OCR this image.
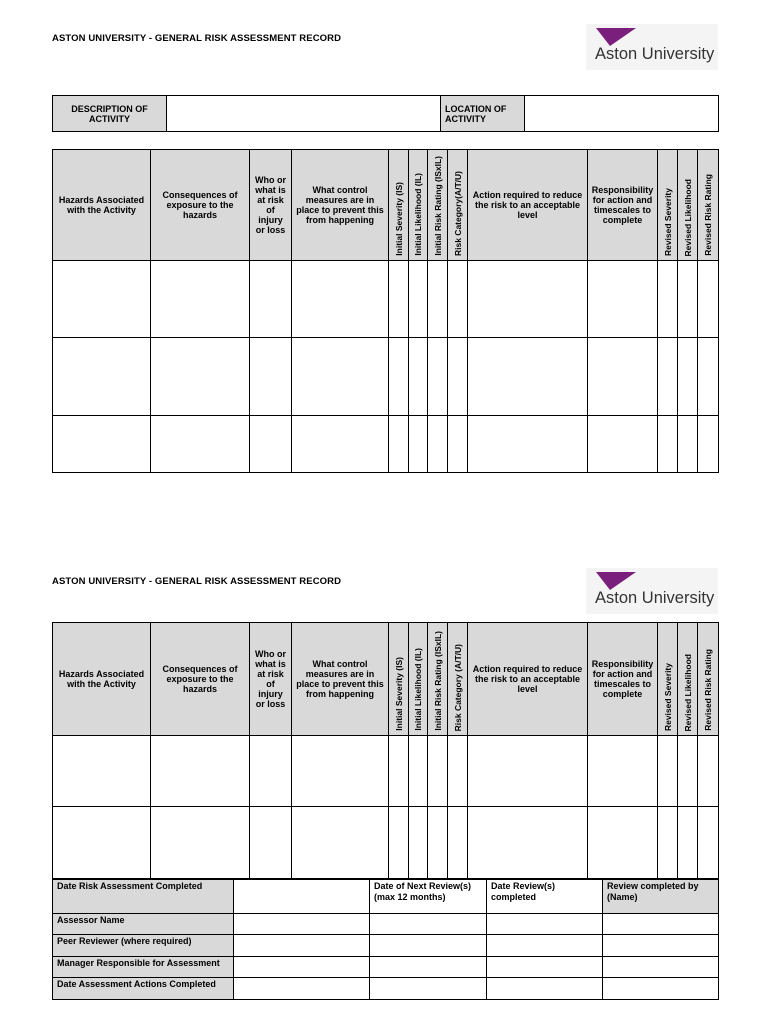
ASTON UNIVERSITY - GENERAL RISK ASSESSMENT RECORD
Aston University
DESCRIPTION OF ACTIVITY		LOCATION OF ACTIVITY	
Hazards Associated with the Activity	Consequences of exposure to the hazards	Who or what is at risk of injury or loss	What control measures are in place to prevent this from happening	Initial Severity (IS)	Initial Likelihood (IL)	Initial Risk Rating (ISxIL)	Risk Category(A/T/U)	Action required to reduce the risk to an acceptable level	Responsibility for action and timescales to complete	Revised Severity	Revised Likelihood	Revised Risk Rating

ASTON UNIVERSITY - GENERAL RISK ASSESSMENT RECORD
Aston University
Hazards Associated with the Activity	Consequences of exposure to the hazards	Who or what is at risk of injury or loss	What control measures are in place to prevent this from happening	Initial Severity (IS)	Initial Likelihood (IL)	Initial Risk Rating (ISxIL)	Risk Category (A/T/U)	Action required to reduce the risk to an acceptable level	Responsibility for action and timescales to complete	Revised Severity	Revised Likelihood	Revised Risk Rating

Date Risk Assessment Completed		Date of Next Review(s) (max 12 months)	Date Review(s) completed	Review completed by (Name)
Assessor Name				
Peer Reviewer (where required)				
Manager Responsible for Assessment				
Date Assessment Actions Completed				
